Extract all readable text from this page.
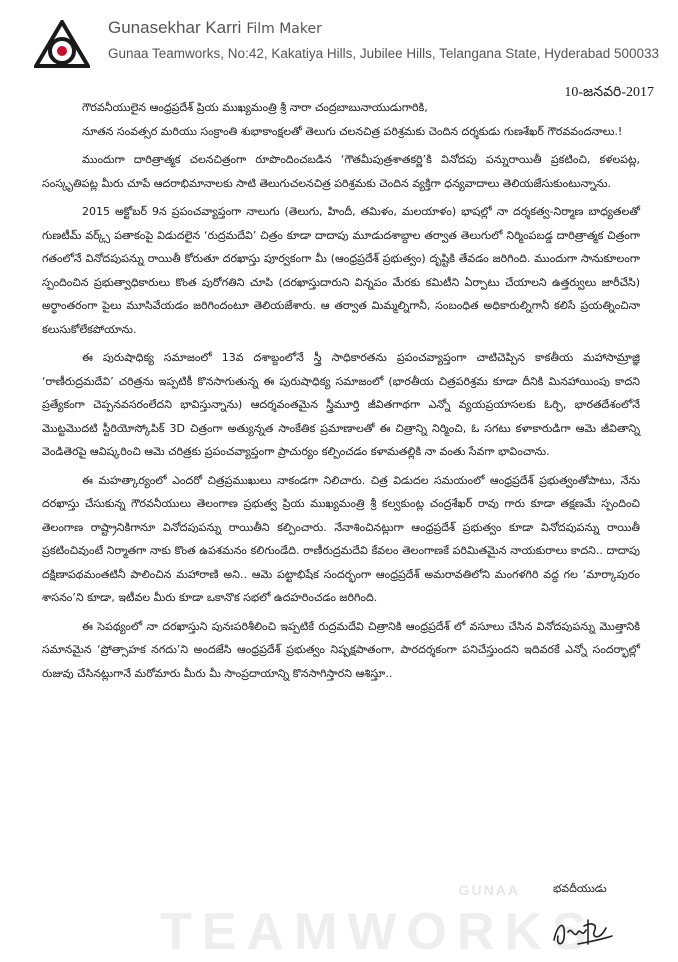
Gunasekhar Karri Film Maker
Gunaa Teamworks, No:42, Kakatiya Hills, Jubilee Hills, Telangana State, Hyderabad 500033
10-జనవరి-2017

గౌరవనీయులైన ఆంధ్రప్రదేశ్ ప్రియ ముఖ్యమంత్రి శ్రీ నారా చంద్రబాబునాయుడుగారికి,

నూతన సంవత్సర మరియు సంక్రాంతి శుభాకాంక్షలతో తెలుగు చలనచిత్ర పరిశ్రమకు చెందిన దర్శకుడు గుణశేఖర్ గౌరవవందనాలు.!

ముందుగా దారిత్రాత్మక చలనచిత్రంగా రూపొందించబడిన ‘గౌతమీపుత్రశాతకర్ణి’కి వినోదపు పన్నురాయితీ ప్రకటించి, కళలపట్ల, సంస్కృతిపట్ల మీరు చూపే ఆదరాభిమానాలకు సాటి తెలుగుచలనచిత్ర పరిశ్రమకు చెందిన వ్యక్తిగా ధన్యవాదాలు తెలియజేసుకుంటున్నాను.

2015 అక్టోబర్ 9న ప్రపంచవ్యాప్తంగా నాలుగు (తెలుగు, హిందీ, తమిళం, మలయాళం) భాషల్లో నా దర్శకత్వ-నిర్మాణ బాధ్యతలతో గుణటీమ్ వర్క్స్ పతాకంపై విడుదలైన ‘రుద్రమదేవి’ చిత్రం కూడా దాదాపు మూడుదశాబ్దాల తర్వాత తెలుగులో నిర్మింపబడ్డ దారిత్రాత్మక చిత్రంగా గతంలోనే వినోదపుపన్ను రాయితీ కోరుతూ దరఖాస్తు పూర్వకంగా మీ (ఆంధ్రప్రదేశ్ ప్రభుత్వం) దృష్టికి తేవడం జరిగింది. ముందుగా సానుకూలంగా స్పందించిన ప్రభుత్వాధికారులు కొంత పురోగతిని చూపి (దరఖాస్తుదారుని విన్నపం మేరకు కమిటీని ఏర్పాటు చేయాలని ఉత్తర్వులు జారీచేసి) అర్థాంతరంగా పైలు మూసివేయడం జరిగిందంటూ తెలియజేశారు. ఆ తర్వాత మిమ్మల్నిగానీ, సంబంధిత అధికారుల్నిగానీ కలిసే ప్రయత్నించినా కలుసుకోలేకపోయాను.

ఈ పురుషాధిక్య సమాజంలో 13వ దశాబ్దంలోనే స్త్రీ సాధికారతను ప్రపంచవ్యాప్తంగా చాటిచెప్పిన కాకతీయ మహాసామ్రాజ్ఞి ‘రాణీరుద్రమదేవి’ చరిత్రను ఇప్పటికీ కొనసాగుతున్న ఈ పురుషాధిక్య సమాజంలో (భారతీయ చిత్రపరిశ్రమ కూడా దీనికి మినహాయింపు కాదని ప్రత్యేకంగా చెప్పనవసరంలేదని భావిస్తున్నాను) ఆదర్శవంతమైన స్త్రీమూర్తి జీవితగాథగా ఎన్నో వ్యయప్రయాసలకు ఓర్చి, భారతదేశంలోనే మొట్టమొదటి స్టీరియోస్కోపిక్ 3D చిత్రంగా అత్యున్నత సాంకేతిక ప్రమాణాలతో ఈ చిత్రాన్ని నిర్మించి, ఓ సగటు కళాకారుడిగా ఆమె జీవితాన్ని వెండితెరపై ఆవిష్కరించి ఆమె చరిత్రకు ప్రపంచవ్యాప్తంగా ప్రాచుర్యం కల్పించడం కళామతల్లికి నా వంతు సేవగా భావించాను.

ఈ మహత్కార్యంలో ఎందరో చిత్రప్రముఖులు నాకండగా నిలిచారు. చిత్ర విడుదల సమయంలో ఆంధ్రప్రదేశ్ ప్రభుత్వంతోపాటు, నేను దరఖాస్తు చేసుకున్న గౌరవనీయులు తెలంగాణ ప్రభుత్వ ప్రియ ముఖ్యమంత్రి శ్రీ కల్వకుంట్ల చంద్రశేఖర్ రావు గారు కూడా తక్షణమే స్పందించి తెలంగాణ రాష్ట్రానికిగానూ వినోదపుపన్ను రాయితీని కల్పించారు. నేనాశించినట్లుగా ఆంధ్రప్రదేశ్ ప్రభుత్వం కూడా వినోదపుపన్ను రాయితీ ప్రకటించివుంటే నిర్మాతగా నాకు కొంత ఉపశమనం కలిగుండేది. రాణీరుద్రమదేవి కేవలం తెలంగాణకే పరిమితమైన నాయకురాలు కాదని.. దాదాపు దక్షిణాపథమంతటినీ పాలించిన మహారాణి అని.. ఆమె పట్టాభిషేక సందర్భంగా ఆంధ్రప్రదేశ్ అమరావతిలోని మంగళగిరి వద్ద గల ‘మార్కాపురం శాసనం’ని కూడా, ఇటీవల మీరు కూడా ఒకానొక సభలో ఉదహరించడం జరిగింది.

ఈ సెపథ్యంలో నా దరఖాస్తుని పునఃపరిశీలించి ఇప్పటికే రుద్రమదేవి చిత్రానికి ఆంధ్రప్రదేశ్ లో వసూలు చేసిన వినోదపుపన్ను మొత్తానికి సమానమైన ‘ప్రోత్సాహక నగదు’ని అందజేసి ఆంధ్రప్రదేశ్ ప్రభుత్వం నిష్పక్షపాతంగా, పారదర్శకంగా పనిచేస్తుందని ఇదివరకే ఎన్నో సందర్భాల్లో రుజువు చేసినట్లుగానే మరోమారు మీరు మీ సాంప్రదాయాన్ని కొనసాగిస్తారని ఆశిస్తూ..

GUNAA
TEAMWORKS
భవదీయుడు
